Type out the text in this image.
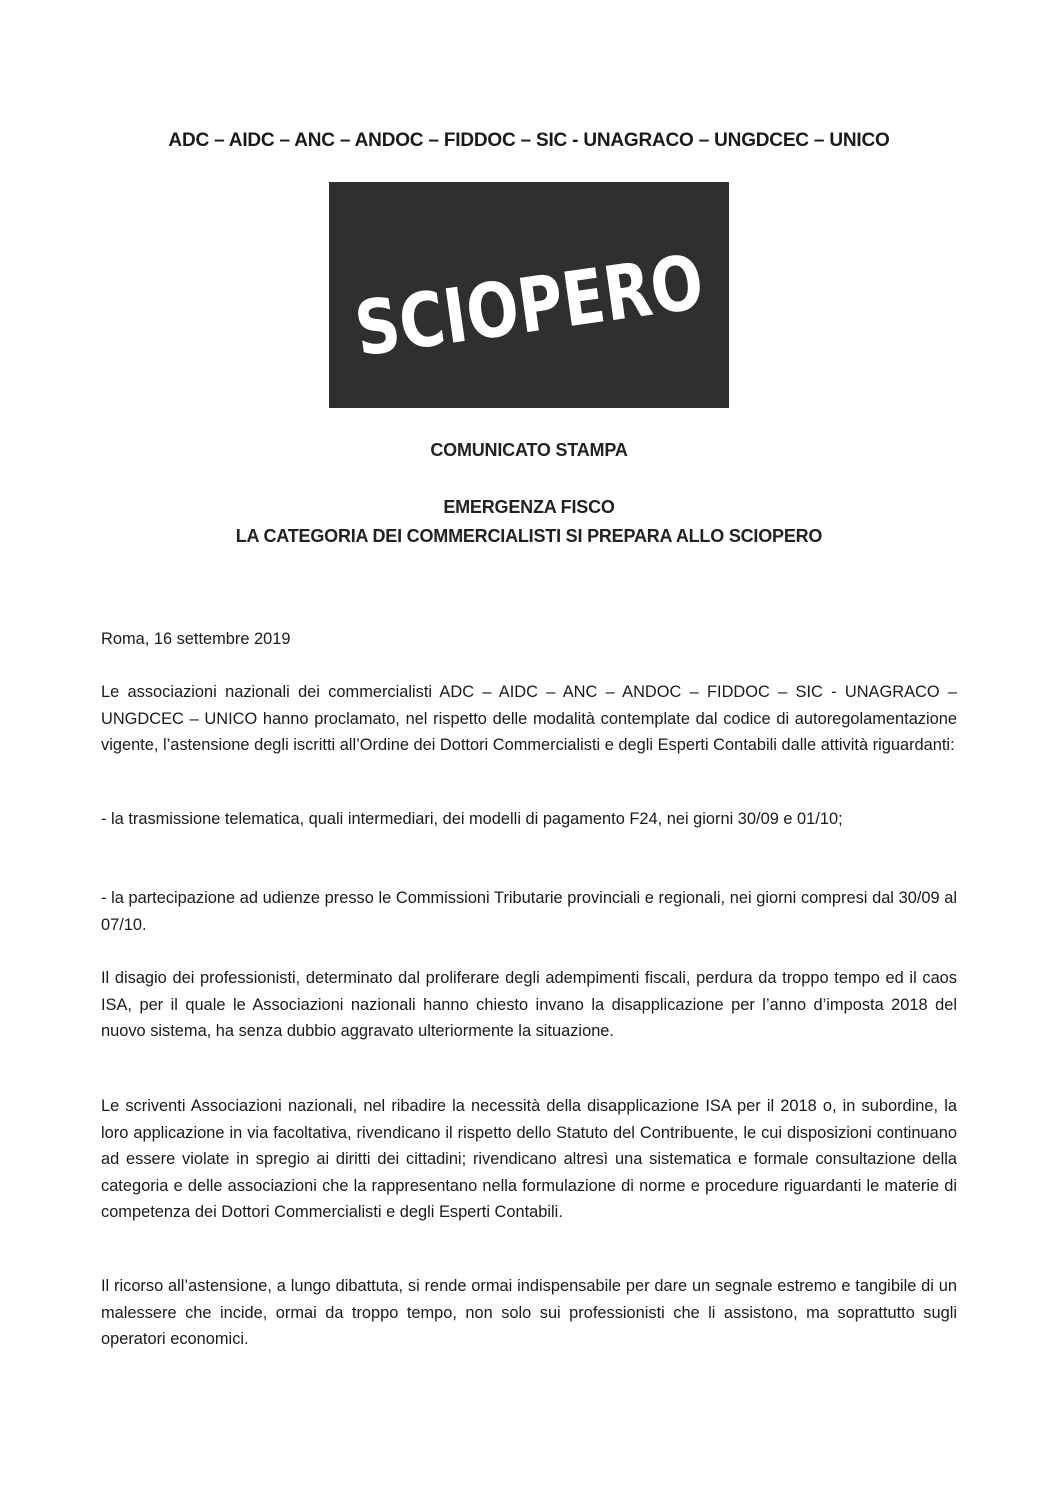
ADC – AIDC – ANC – ANDOC – FIDDOC – SIC - UNAGRACO – UNGDCEC – UNICO
SCIOPERO
COMUNICATO STAMPA
EMERGENZA FISCO
LA CATEGORIA DEI COMMERCIALISTI SI PREPARA ALLO SCIOPERO

Roma, 16 settembre 2019

Le associazioni nazionali dei commercialisti ADC – AIDC – ANC – ANDOC – FIDDOC – SIC - UNAGRACO – UNGDCEC – UNICO hanno proclamato, nel rispetto delle modalità contemplate dal codice di autoregolamentazione vigente, l’astensione degli iscritti all’Ordine dei Dottori Commercialisti e degli Esperti Contabili dalle attività riguardanti:

- la trasmissione telematica, quali intermediari, dei modelli di pagamento F24, nei giorni 30/09 e 01/10;

- la partecipazione ad udienze presso le Commissioni Tributarie provinciali e regionali, nei giorni compresi dal 30/09 al 07/10.

Il disagio dei professionisti, determinato dal proliferare degli adempimenti fiscali, perdura da troppo tempo ed il caos ISA, per il quale le Associazioni nazionali hanno chiesto invano la disapplicazione per l’anno d’imposta 2018 del nuovo sistema, ha senza dubbio aggravato ulteriormente la situazione.

Le scriventi Associazioni nazionali, nel ribadire la necessità della disapplicazione ISA per il 2018 o, in subordine, la loro applicazione in via facoltativa, rivendicano il rispetto dello Statuto del Contribuente, le cui disposizioni continuano ad essere violate in spregio ai diritti dei cittadini; rivendicano altresì una sistematica e formale consultazione della categoria e delle associazioni che la rappresentano nella formulazione di norme e procedure riguardanti le materie di competenza dei Dottori Commercialisti e degli Esperti Contabili.

Il ricorso all’astensione, a lungo dibattuta, si rende ormai indispensabile per dare un segnale estremo e tangibile di un malessere che incide, ormai da troppo tempo, non solo sui professionisti che li assistono, ma soprattutto sugli operatori economici.
